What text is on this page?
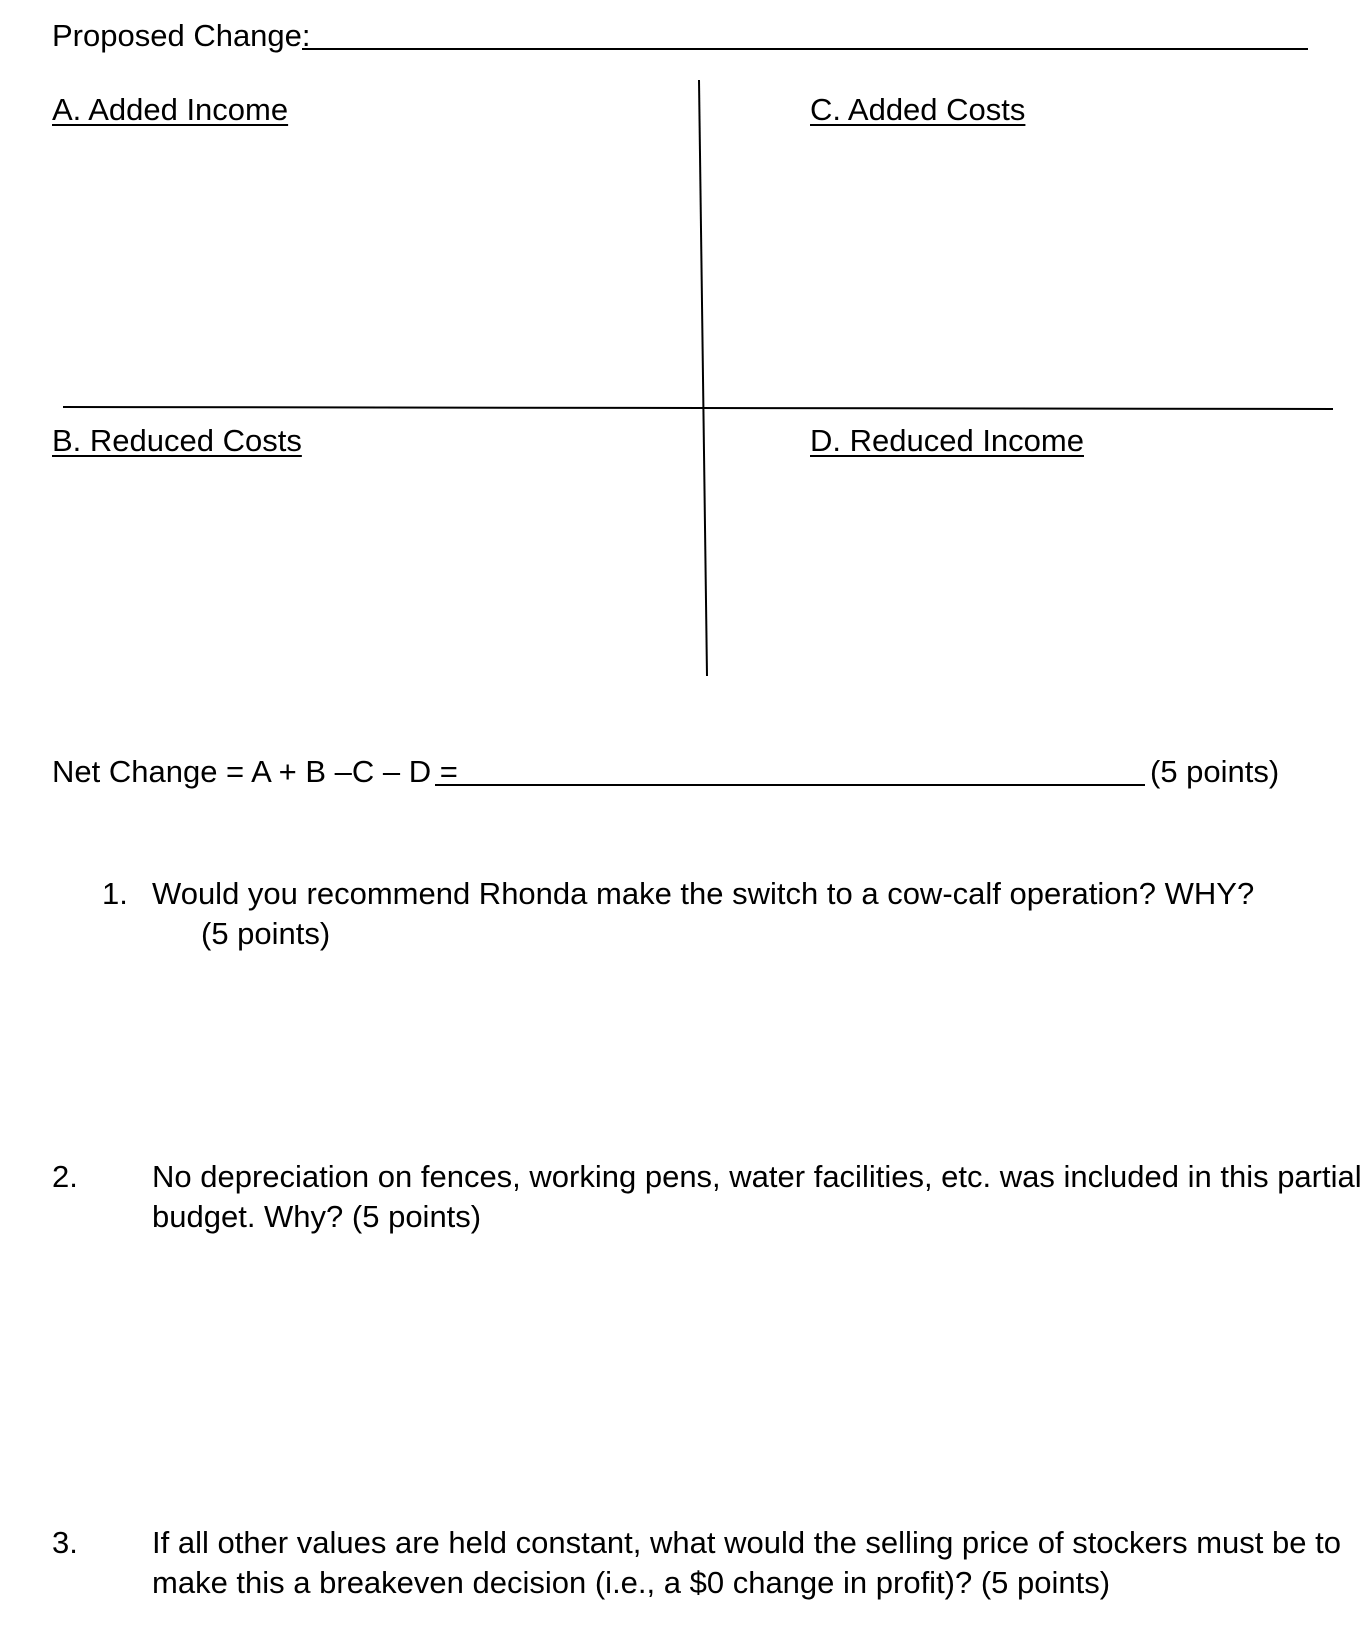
Proposed Change:
A. Added Income	C. Added Costs
B. Reduced Costs	D. Reduced Income
Net Change = A + B –C – D =	(5 points)
1. Would you recommend Rhonda make the switch to a cow-calf operation? WHY?
(5 points)
2. No depreciation on fences, working pens, water facilities, etc. was included in this partial
budget. Why? (5 points)
3. If all other values are held constant, what would the selling price of stockers must be to
make this a breakeven decision (i.e., a $0 change in profit)? (5 points)
